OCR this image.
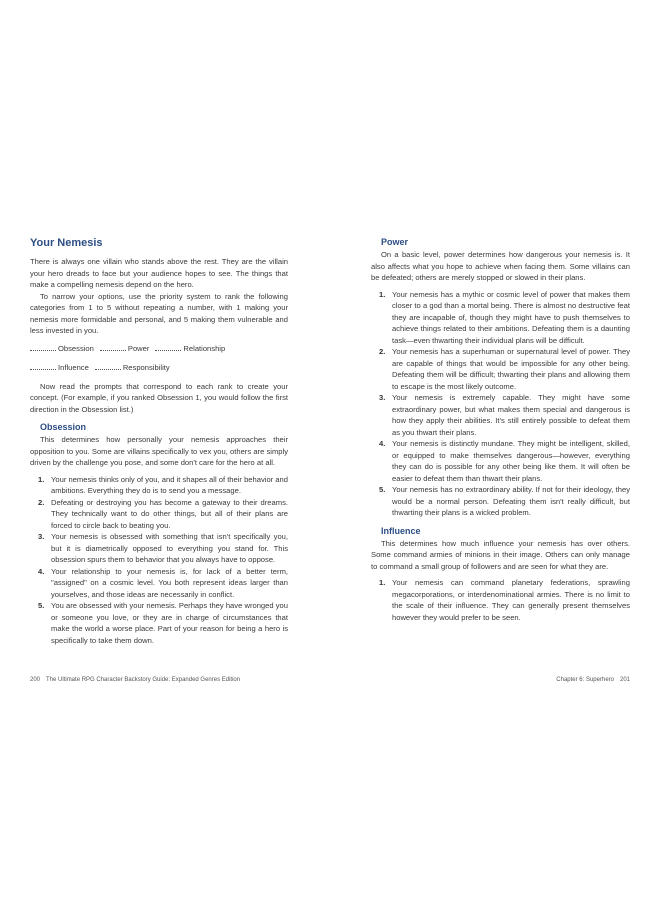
Your Nemesis

There is always one villain who stands above the rest. They are the villain your hero dreads to face but your audience hopes to see. The things that make a compelling nemesis depend on the hero.

To narrow your options, use the priority system to rank the following categories from 1 to 5 without repeating a number, with 1 making your nemesis more formidable and personal, and 5 making them vulnerable and less invested in you.

Obsession	Power	Relationship
Influence	Responsibility

Now read the prompts that correspond to each rank to create your concept. (For example, if you ranked Obsession 1, you would follow the first direction in the Obsession list.)

Obsession

This determines how personally your nemesis approaches their opposition to you. Some are villains specifically to vex you, others are simply driven by the challenge you pose, and some don't care for the hero at all.

1. Your nemesis thinks only of you, and it shapes all of their behavior and ambitions. Everything they do is to send you a message.
2. Defeating or destroying you has become a gateway to their dreams. They technically want to do other things, but all of their plans are forced to circle back to beating you.
3. Your nemesis is obsessed with something that isn't specifically you, but it is diametrically opposed to everything you stand for. This obsession spurs them to behavior that you always have to oppose.
4. Your relationship to your nemesis is, for lack of a better term, "assigned" on a cosmic level. You both represent ideas larger than yourselves, and those ideas are necessarily in conflict.
5. You are obsessed with your nemesis. Perhaps they have wronged you or someone you love, or they are in charge of circumstances that make the world a worse place. Part of your reason for being a hero is specifically to take them down.
200 The Ultimate RPG Character Backstory Guide: Expanded Genres Edition
Power

On a basic level, power determines how dangerous your nemesis is. It also affects what you hope to achieve when facing them. Some villains can be defeated; others are merely stopped or slowed in their plans.

1. Your nemesis has a mythic or cosmic level of power that makes them closer to a god than a mortal being. There is almost no destructive feat they are incapable of, though they might have to push themselves to achieve things related to their ambitions. Defeating them is a daunting task—even thwarting their individual plans will be difficult.
2. Your nemesis has a superhuman or supernatural level of power. They are capable of things that would be impossible for any other being. Defeating them will be difficult; thwarting their plans and allowing them to escape is the most likely outcome.
3. Your nemesis is extremely capable. They might have some extraordinary power, but what makes them special and dangerous is how they apply their abilities. It's still entirely possible to defeat them as you thwart their plans.
4. Your nemesis is distinctly mundane. They might be intelligent, skilled, or equipped to make themselves dangerous—however, everything they can do is possible for any other being like them. It will often be easier to defeat them than thwart their plans.
5. Your nemesis has no extraordinary ability. If not for their ideology, they would be a normal person. Defeating them isn't really difficult, but thwarting their plans is a wicked problem.
Influence

This determines how much influence your nemesis has over others. Some command armies of minions in their image. Others can only manage to command a small group of followers and are seen for what they are.

1. Your nemesis can command planetary federations, sprawling megacorporations, or interdenominational armies. There is no limit to the scale of their influence. They can generally present themselves however they would prefer to be seen.
Chapter 6: Superhero 201
